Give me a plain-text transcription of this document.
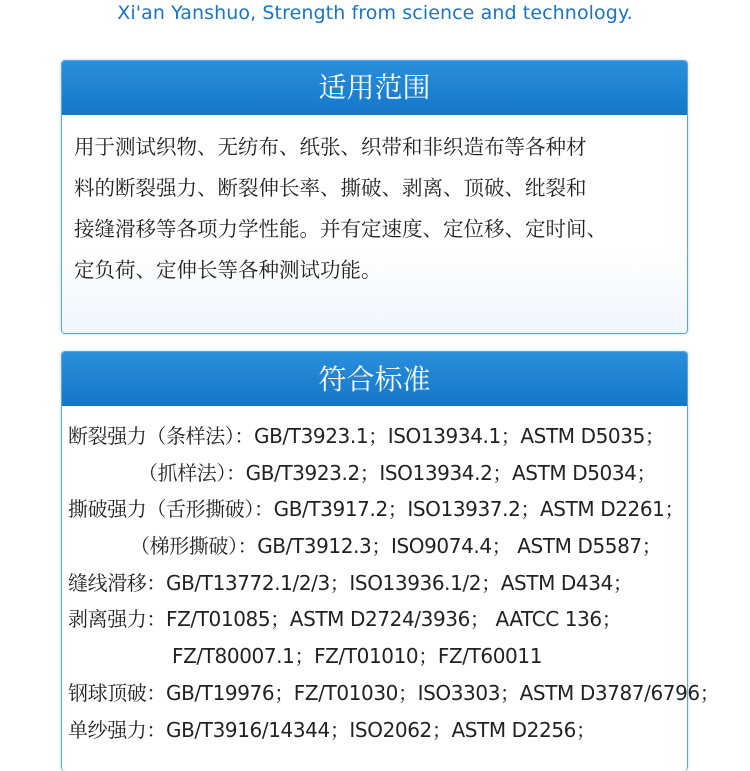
Xi'an Yanshuo, Strength from science and technology.
适用范围
用于测试织物、无纺布、纸张、织带和非织造布等各种材
料的断裂强力、断裂伸长率、撕破、剥离、顶破、纰裂和
接缝滑移等各项力学性能。并有定速度、定位移、定时间、
定负荷、定伸长等各种测试功能。
符合标准
断裂强力（条样法）：GB/T3923.1；ISO13934.1；ASTM D5035；
（抓样法）：GB/T3923.2；ISO13934.2；ASTM D5034；
撕破强力（舌形撕破）：GB/T3917.2；ISO13937.2；ASTM D2261；
（梯形撕破）：GB/T3912.3；ISO9074.4； ASTM D5587；
缝线滑移：GB/T13772.1/2/3；ISO13936.1/2；ASTM D434；
剥离强力：FZ/T01085；ASTM D2724/3936； AATCC 136；
FZ/T80007.1；FZ/T01010；FZ/T60011
钢球顶破：GB/T19976；FZ/T01030；ISO3303；ASTM D3787/6796；
单纱强力：GB/T3916/14344；ISO2062；ASTM D2256；
